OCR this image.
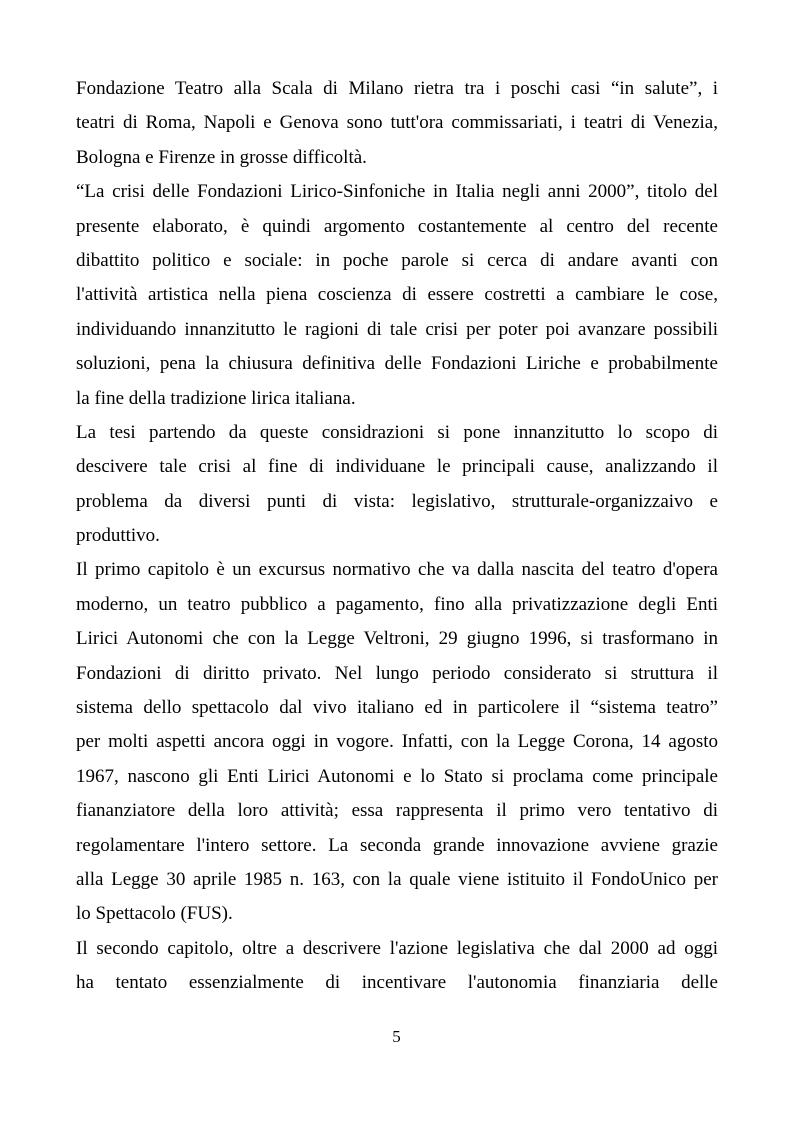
Fondazione Teatro alla Scala di Milano rietra tra i poschi casi “in salute”, i
teatri di Roma, Napoli e Genova sono tutt'ora commissariati, i teatri di Venezia,
Bologna e Firenze in grosse difficoltà.

“La crisi delle Fondazioni Lirico-Sinfoniche in Italia negli anni 2000”, titolo del
presente elaborato, è quindi argomento costantemente al centro del recente
dibattito politico e sociale: in poche parole si cerca di andare avanti con
l'attività artistica nella piena coscienza di essere costretti a cambiare le cose,
individuando innanzitutto le ragioni di tale crisi per poter poi avanzare possibili
soluzioni, pena la chiusura definitiva delle Fondazioni Liriche e probabilmente
la fine della tradizione lirica italiana.

La tesi partendo da queste considrazioni si pone innanzitutto lo scopo di
descivere tale crisi al fine di individuane le principali cause, analizzando il
problema da diversi punti di vista: legislativo, strutturale-organizzaivo e
produttivo.

Il primo capitolo è un excursus normativo che va dalla nascita del teatro d'opera
moderno, un teatro pubblico a pagamento, fino alla privatizzazione degli Enti
Lirici Autonomi che con la Legge Veltroni, 29 giugno 1996, si trasformano in
Fondazioni di diritto privato. Nel lungo periodo considerato si struttura il
sistema dello spettacolo dal vivo italiano ed in particolere il “sistema teatro”
per molti aspetti ancora oggi in vogore. Infatti, con la Legge Corona, 14 agosto
1967, nascono gli Enti Lirici Autonomi e lo Stato si proclama come principale
fiananziatore della loro attività; essa rappresenta il primo vero tentativo di
regolamentare l'intero settore. La seconda grande innovazione avviene grazie
alla Legge 30 aprile 1985 n. 163, con la quale viene istituito il FondoUnico per
lo Spettacolo (FUS).

Il secondo capitolo, oltre a descrivere l'azione legislativa che dal 2000 ad oggi
ha tentato essenzialmente di incentivare l'autonomia finanziaria delle

5
